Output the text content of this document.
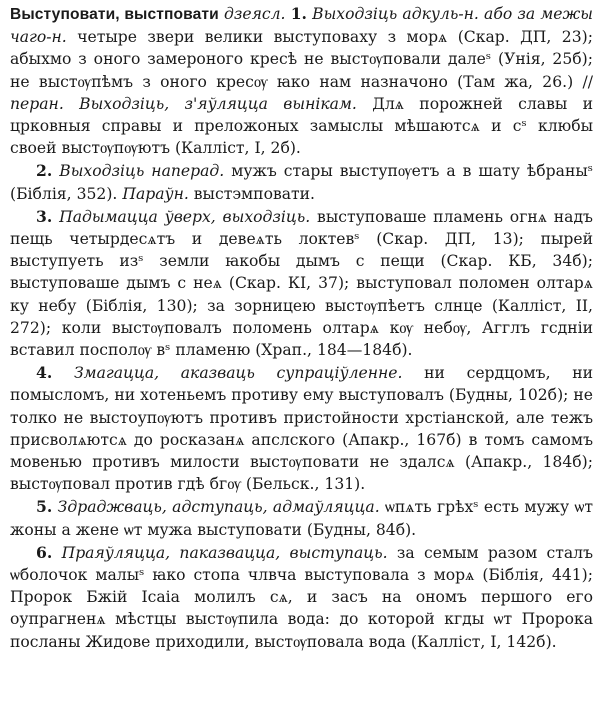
Выступовати, выстповати дзеясл. 1. Выходзіць адкуль-н. або за межы чаго-н. четыре звери велики выступоваху з морѧ (Скар. ДП, 23); абыхмо з оного замероного кресѣ не выстѹповали далеˢ (Унія, 25б); не выстѹпѣмъ з оного кресѹ ꙗко нам назначоно (Там жа, 26.) // перан. Выходзіць, з'яўляцца вынікам. Длѧ порожней славы и црковныя справы и преложоных замыслы мѣшаютсѧ и сˢ клюбы своей выстѹпѹютъ (Калліст, I, 2б).

2. Выходзіць наперад. мужъ стары выступѹетъ а в шату ѣбраныˢ (Біблія, 352). Параўн. выстэмповати.

3. Падымацца ўверх, выходзіць. выступоваше пламень огнѧ надъ пещь четырдесѧтъ и девеѧть локтевˢ (Скар. ДП, 13); пырей выступуеть изˢ земли ꙗкобы дымъ с пещи (Скар. КБ, 34б); выступоваше дымъ с неѧ (Скар. КІ, 37); выступовал поломен олтарѧ ку небу (Біблія, 130); за зорницею выстѹпѣетъ слнце (Калліст, II, 272); коли выстѹповалъ поломень олтарѧ кѹ небѹ, Агглъ гсдніи вставил посполѹ вˢ пламеню (Храп., 184—184б).

4. Змагацца, аказваць супраціўленне. ни сердцомъ, ни помысломъ, ни хотеньемъ противу ему выступовалъ (Будны, 102б); не толко не выстоупѹютъ противъ пристойности хрстіанской, але тежъ присволѧютсѧ до росказанѧ апслского (Апакр., 167б) в томъ самомъ мовенью противъ милости выстѹповати не здалсѧ (Апакр., 184б); выстѹповал против гдѣ бгѹ (Бельск., 131).

5. Здраджваць, адступаць, адмаўляцца. ѡпѧть грѣхˢ есть мужу ѡт жоны а жене ѡт мужа выступовати (Будны, 84б).

6. Праяўляцца, паказвацца, выступаць. за семым разом сталъ ѡболочок малыˢ ꙗко стопа члвча выступовала з морѧ (Біблія, 441); Пророк Бжій Ісаіа молилъ сѧ, и засъ на ономъ першого его оупрагненѧ мѣстцы выстѹпила вода: до которой кгды ѡт Пророка посланы Жидове приходили, выстѹповала вода (Калліст, I, 142б).
